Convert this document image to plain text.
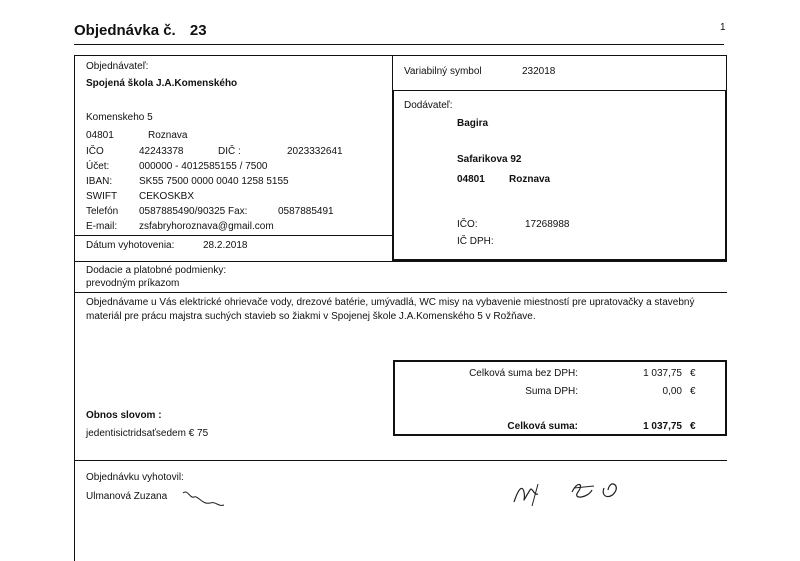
Objednávka č. 23	1
Objednávateľ:
Spojená škola J.A.Komenského
Komenskeho 5
04801	Roznava
IČO	42243378	DIČ :	2023332641
Účet:	000000 - 4012585155 / 7500
IBAN:	SK55 7500 0000 0040 1258 5155
SWIFT CEKOSKBX
Telefón 0587885490/90325 Fax:	0587885491
E-mail: zsfabryhoroznava@gmail.com
Dátum vyhotovenia:	28.2.2018
Variabilný symbol	232018
Dodávateľ:
Bagira
Safarikova 92
04801 Roznava
IČO:	17268988
IČ DPH:
Dodacie a platobné podmienky:
prevodným príkazom
Objednávame u Vás elektrické ohrievače vody, drezové batérie, umývadlá, WC misy na vybavenie miestností pre upratovačky a stavebný materiál pre prácu majstra suchých stavieb so žiakmi v Spojenej škole J.A.Komenského 5 v Rožňave.
Celková suma bez DPH:	1 037,75 €
Suma DPH:	0,00 €
Celková suma:	1 037,75 €
Obnos slovom :
jedentisictridsaťsedem € 75
Objednávku vyhotovil:
Ulmanová Zuzana
